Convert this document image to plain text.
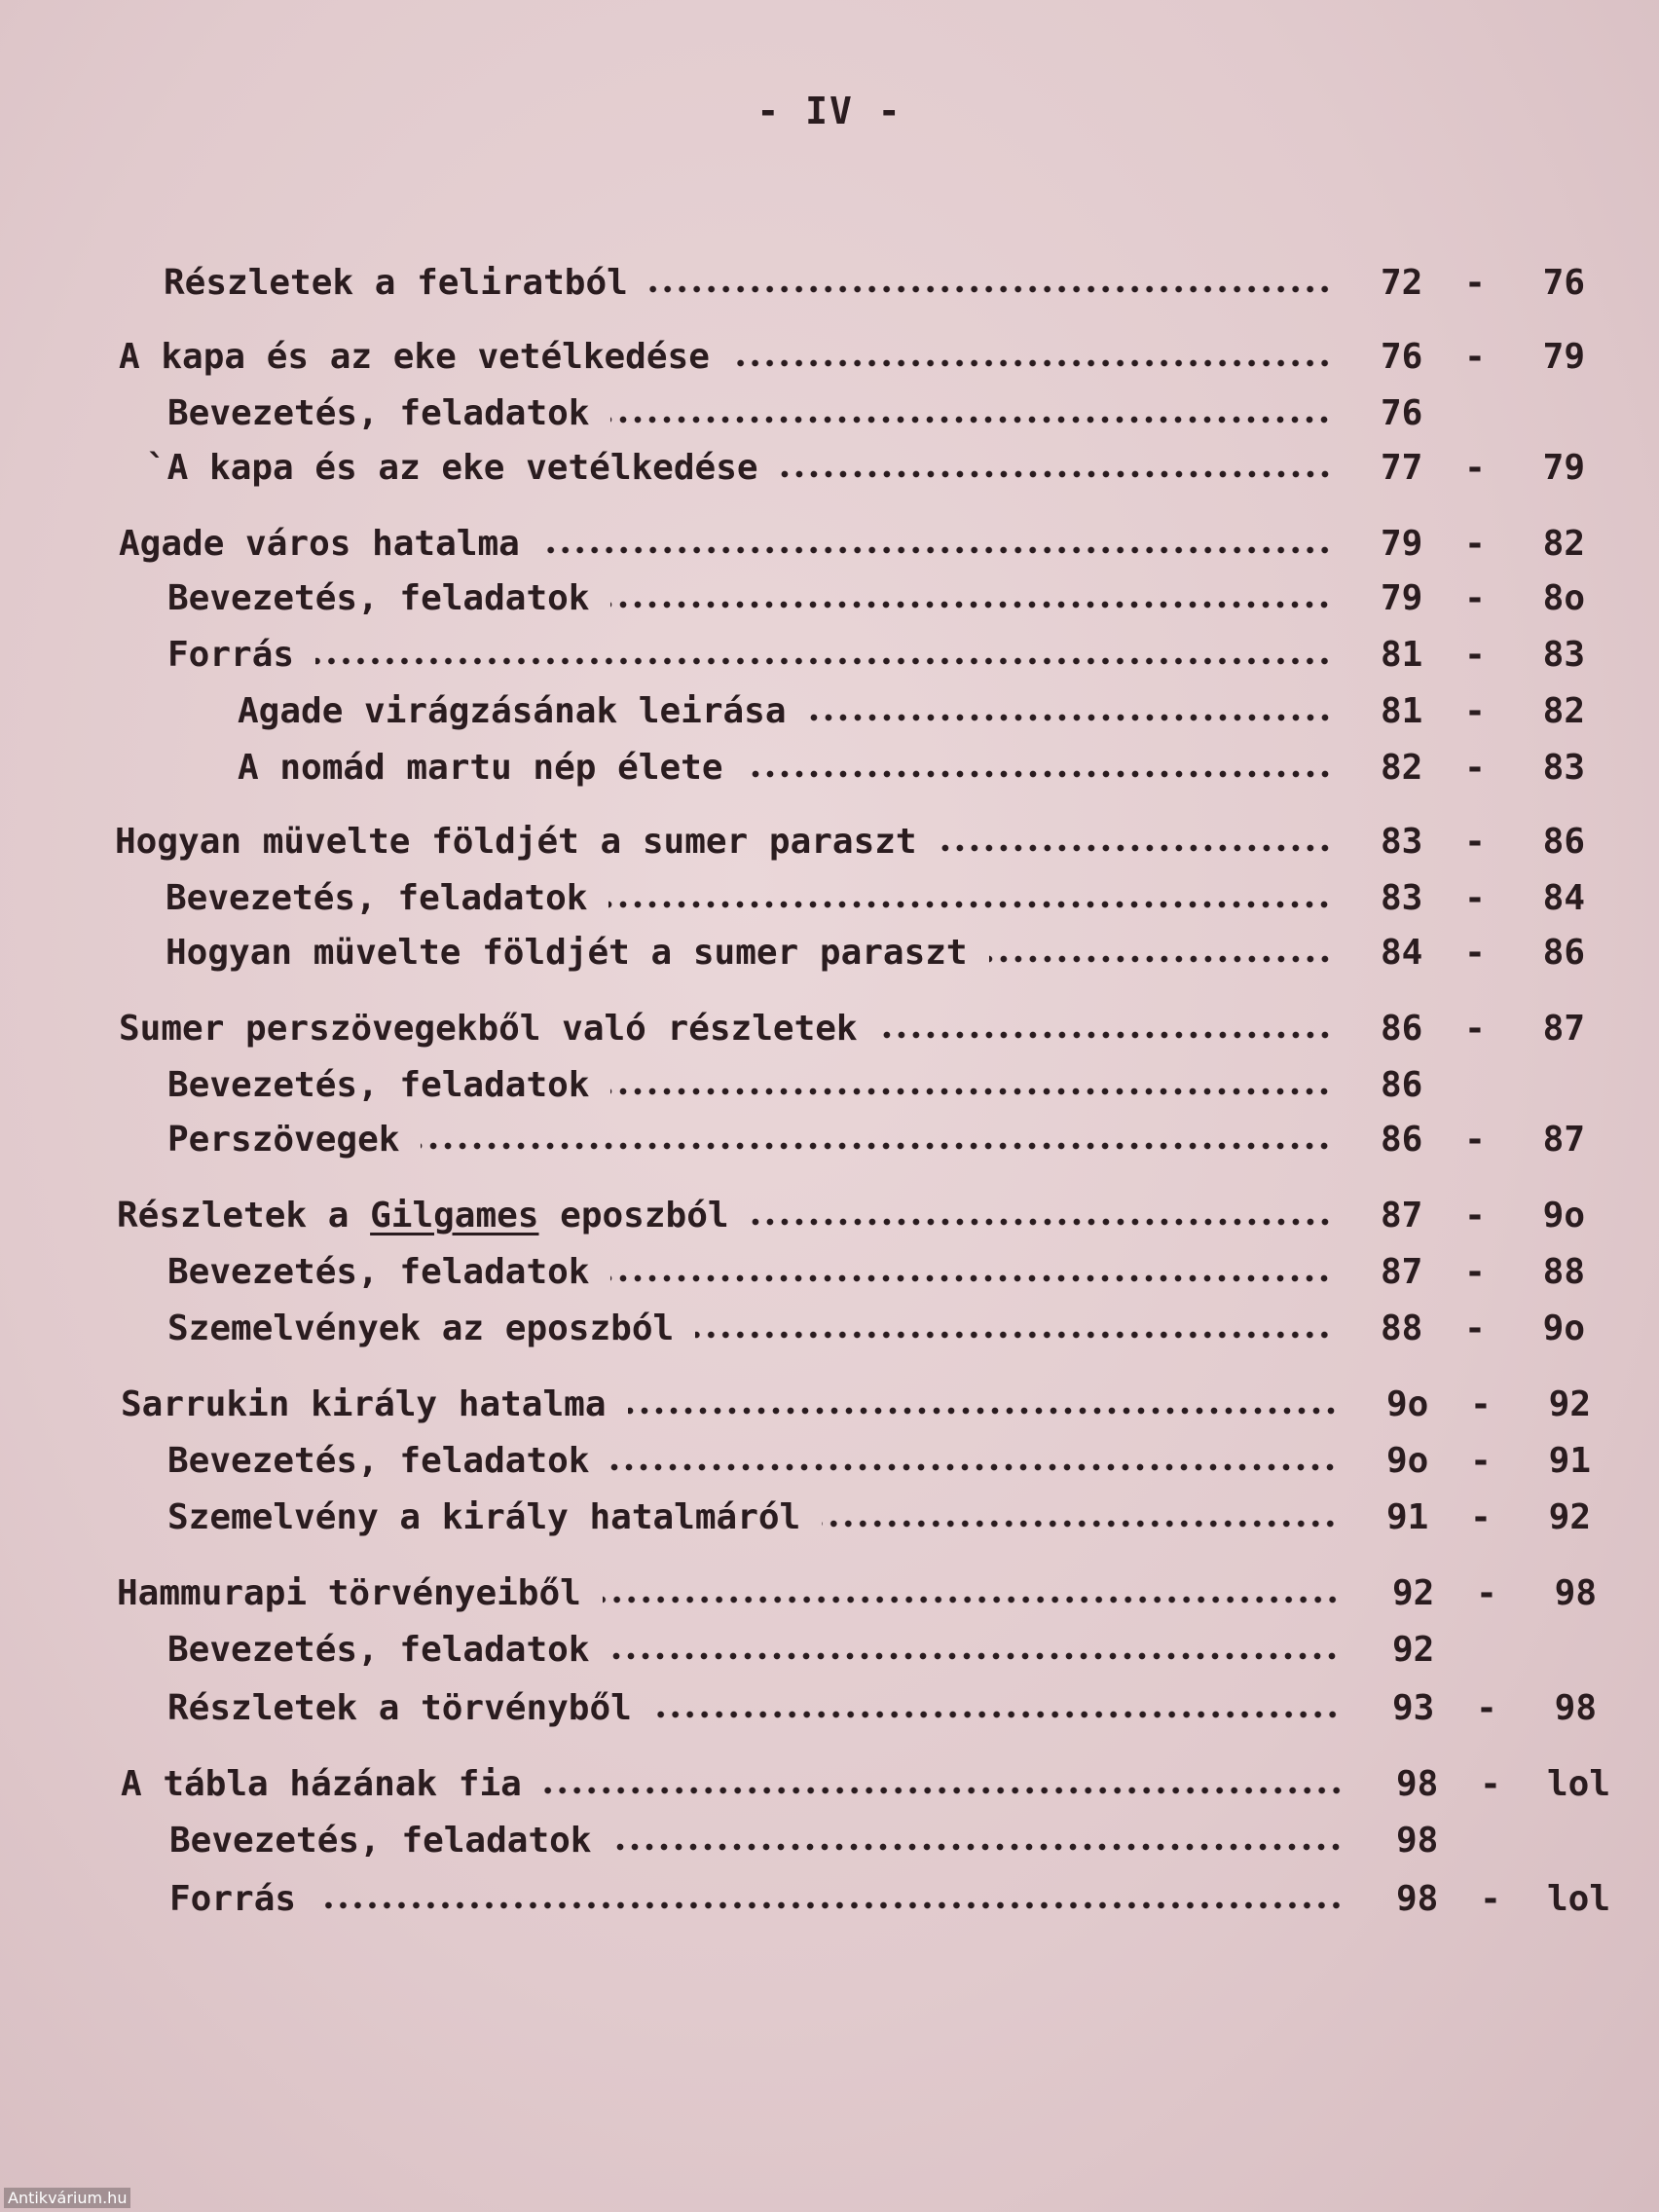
- IV -
Részletek a feliratból	72	-	76
A kapa és az eke vetélkedése	76	-	79
Bevezetés, feladatok	76
`A kapa és az eke vetélkedése	77	-	79
Agade város hatalma	79	-	82
Bevezetés, feladatok	79	-	8o
Forrás	81	-	83
Agade virágzásának leirása	81	-	82
A nomád martu nép élete	82	-	83
Hogyan müvelte földjét a sumer paraszt	83	-	86
Bevezetés, feladatok	83	-	84
Hogyan müvelte földjét a sumer paraszt	84	-	86
Sumer perszövegekből való részletek	86	-	87
Bevezetés, feladatok	86
Perszövegek	86	-	87
Részletek a Gilgames eposzból	87	-	9o
Bevezetés, feladatok	87	-	88
Szemelvények az eposzból	88	-	9o
Sarrukin király hatalma	9o	-	92
Bevezetés, feladatok	9o	-	91
Szemelvény a király hatalmáról	91	-	92
Hammurapi törvényeiből	92	-	98
Bevezetés, feladatok	92
Részletek a törvényből	93	-	98
A tábla házának fia	98	-	lol
Bevezetés, feladatok	98
Forrás	98	-	lol
Antikvárium.hu
